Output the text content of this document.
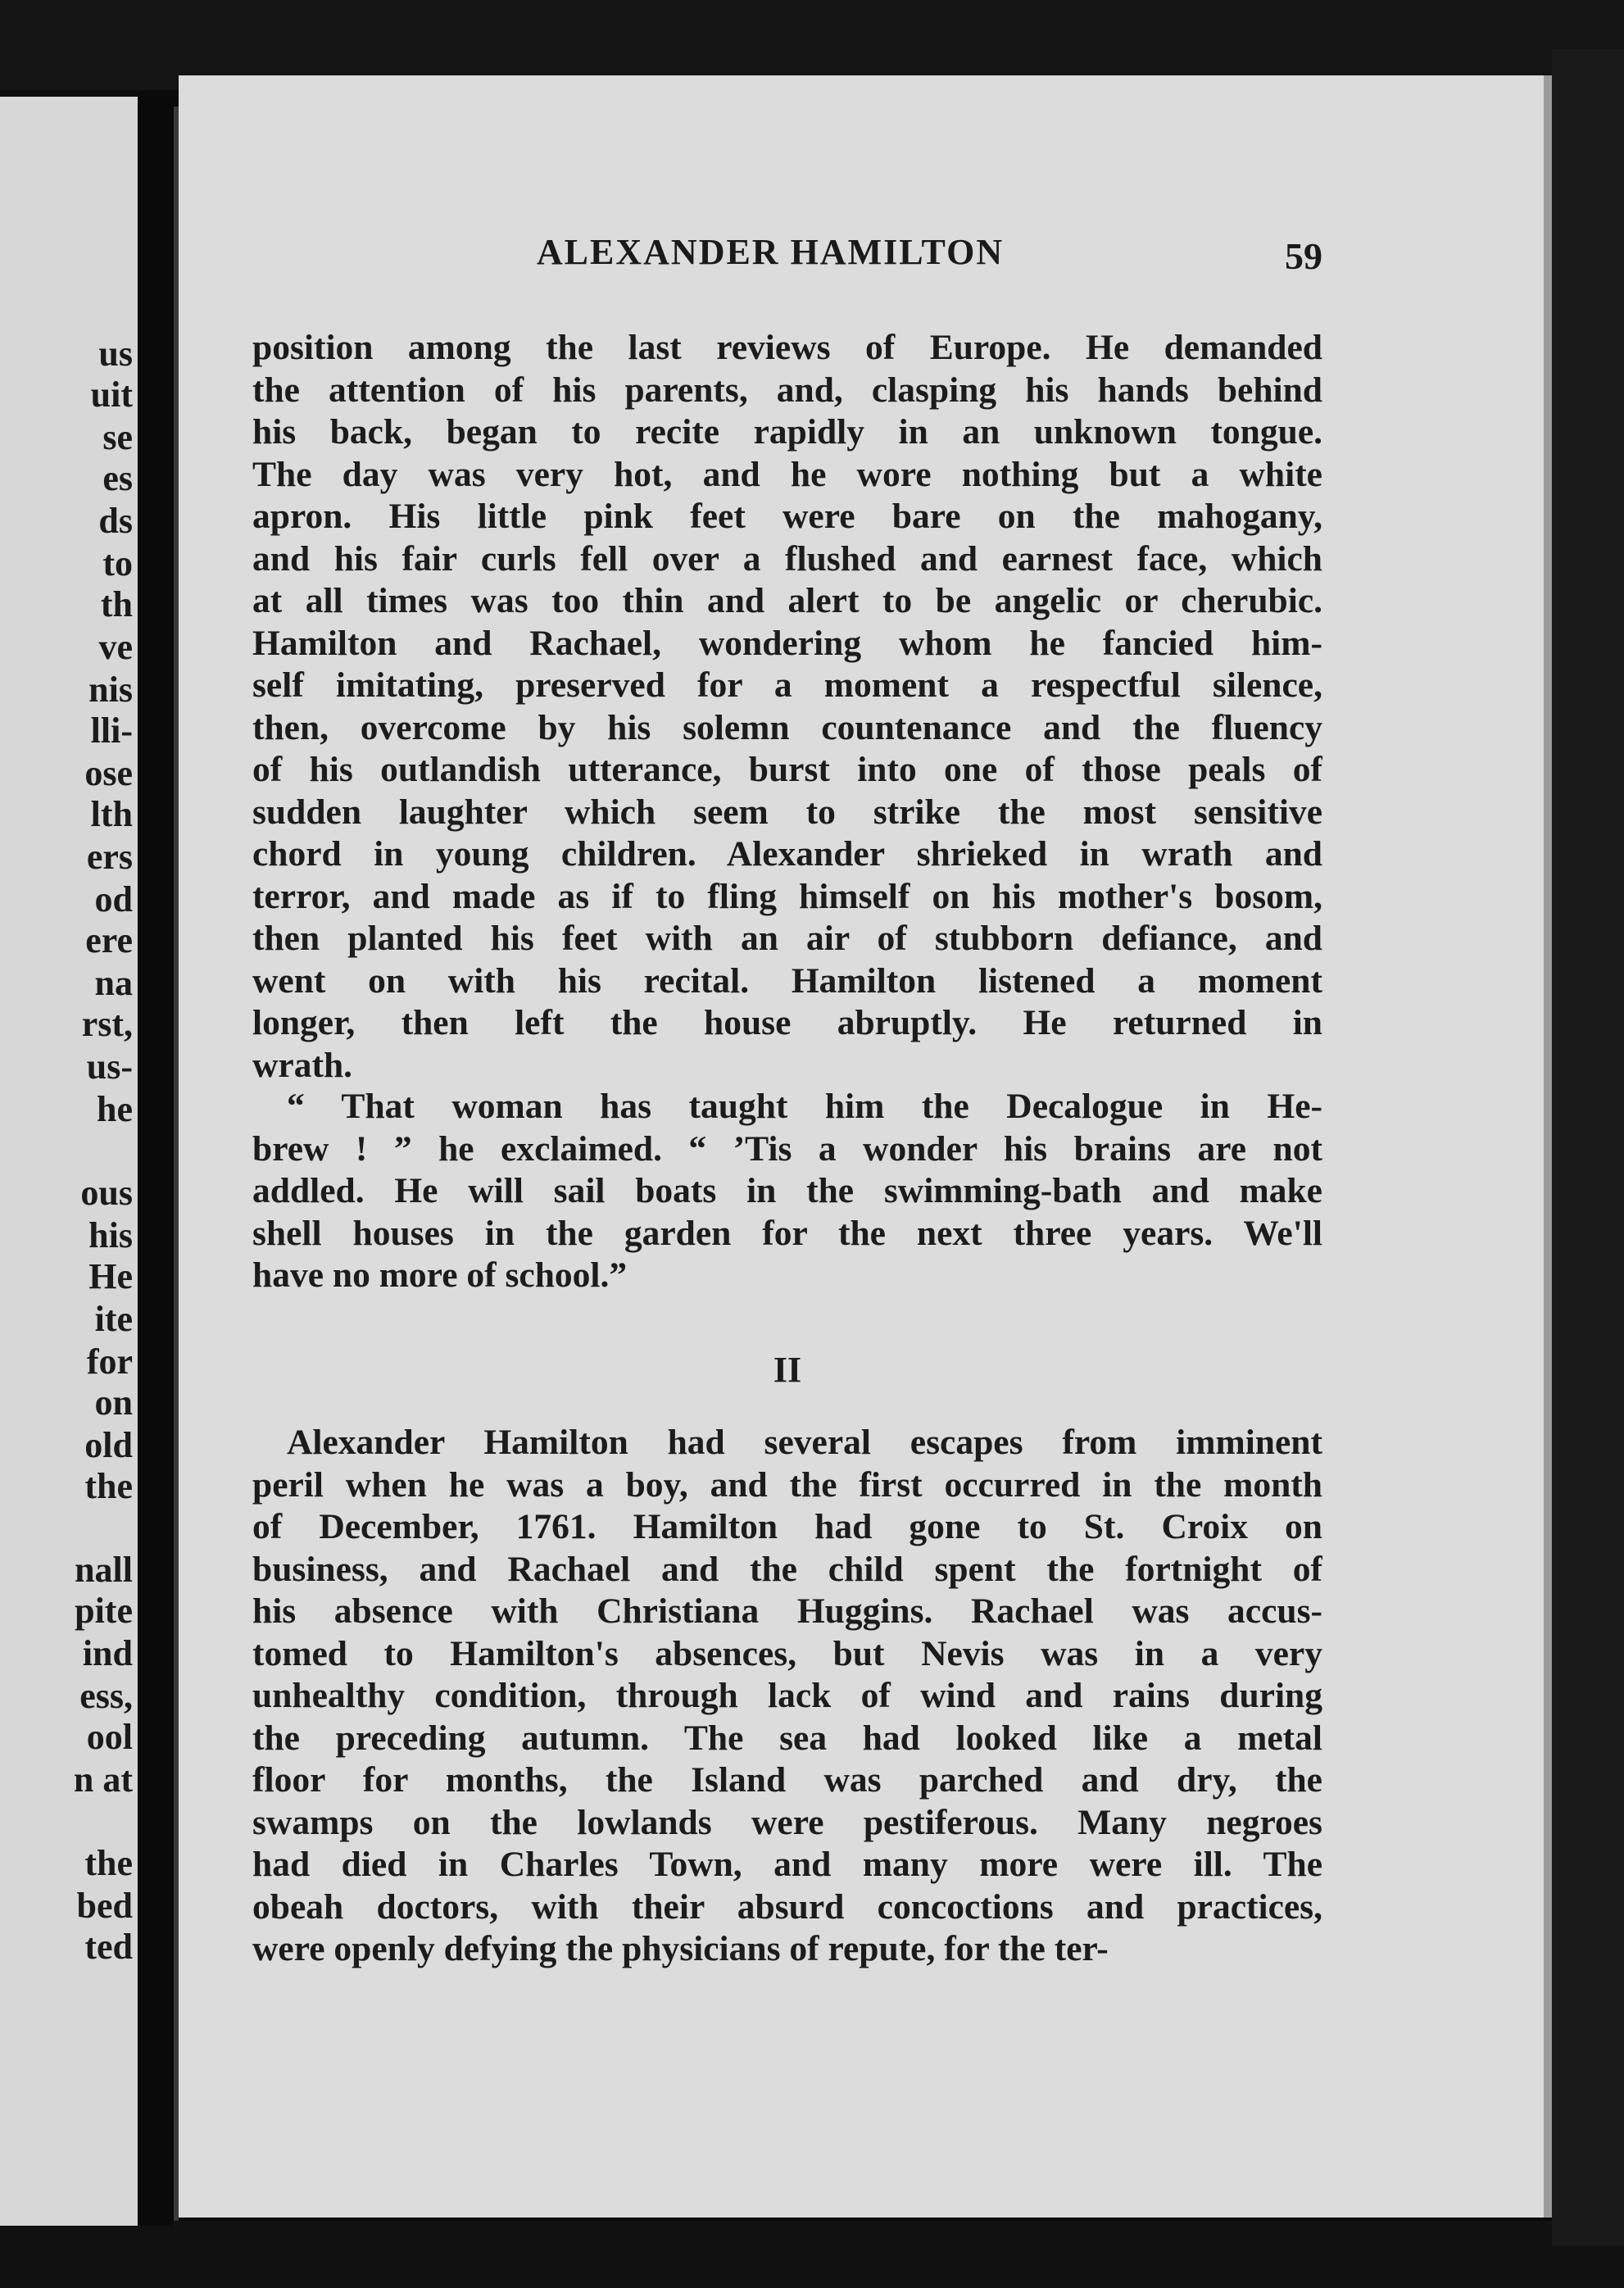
us
uit
se
es
ds
to
th
ve
nis
lli-
ose
lth
ers
od
ere
na
rst,
us-
he
ous
his
He
ite
for
on
old
the
nall
pite
ind
ess,
ool
n at
the
bed
ted
ALEXANDER HAMILTON	59
position among the last reviews of Europe. He demanded
the attention of his parents, and, clasping his hands behind
his back, began to recite rapidly in an unknown tongue.
The day was very hot, and he wore nothing but a white
apron. His little pink feet were bare on the mahogany,
and his fair curls fell over a flushed and earnest face, which
at all times was too thin and alert to be angelic or cherubic.
Hamilton and Rachael, wondering whom he fancied him-
self imitating, preserved for a moment a respectful silence,
then, overcome by his solemn countenance and the fluency
of his outlandish utterance, burst into one of those peals of
sudden laughter which seem to strike the most sensitive
chord in young children. Alexander shrieked in wrath and
terror, and made as if to fling himself on his mother's bosom,
then planted his feet with an air of stubborn defiance, and
went on with his recital. Hamilton listened a moment
longer, then left the house abruptly. He returned in
wrath.
“ That woman has taught him the Decalogue in He-
brew ! ” he exclaimed. “ ’Tis a wonder his brains are not
addled. He will sail boats in the swimming-bath and make
shell houses in the garden for the next three years. We'll
have no more of school.”
Alexander Hamilton had several escapes from imminent
peril when he was a boy, and the first occurred in the month
of December, 1761. Hamilton had gone to St. Croix on
business, and Rachael and the child spent the fortnight of
his absence with Christiana Huggins. Rachael was accus-
tomed to Hamilton's absences, but Nevis was in a very
unhealthy condition, through lack of wind and rains during
the preceding autumn. The sea had looked like a metal
floor for months, the Island was parched and dry, the
swamps on the lowlands were pestiferous. Many negroes
had died in Charles Town, and many more were ill. The
obeah doctors, with their absurd concoctions and practices,
were openly defying the physicians of repute, for the ter-
II
